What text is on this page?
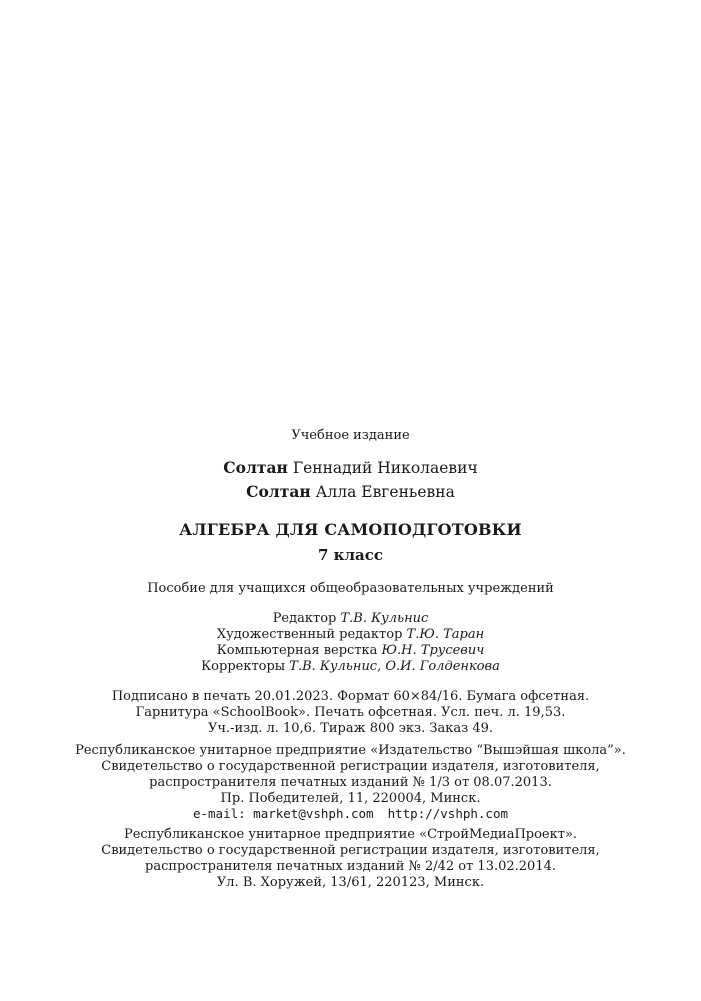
Учебное издание
Солтан Геннадий Николаевич
Солтан Алла Евгеньевна
АЛГЕБРА ДЛЯ САМОПОДГОТОВКИ
7 класс
Пособие для учащихся общеобразовательных учреждений
Редактор Т.В. Кульнис
Художественный редактор Т.Ю. Таран
Компьютерная верстка Ю.Н. Трусевич
Корректоры Т.В. Кульнис, О.И. Голденкова
Подписано в печать 20.01.2023. Формат 60×84/16. Бумага офсетная.
Гарнитура «SchoolBook». Печать офсетная. Усл. печ. л. 19,53.
Уч.-изд. л. 10,6. Тираж 800 экз. Заказ 49.
Республиканское унитарное предприятие «Издательство “Вышэйшая школа”».
Свидетельство о государственной регистрации издателя, изготовителя,
распространителя печатных изданий № 1/3 от 08.07.2013.
Пр. Победителей, 11, 220004, Минск.
e-mail: market@vshph.com http://vshph.com
Республиканское унитарное предприятие «СтройМедиаПроект».
Свидетельство о государственной регистрации издателя, изготовителя,
распространителя печатных изданий № 2/42 от 13.02.2014.
Ул. В. Хоружей, 13/61, 220123, Минск.
